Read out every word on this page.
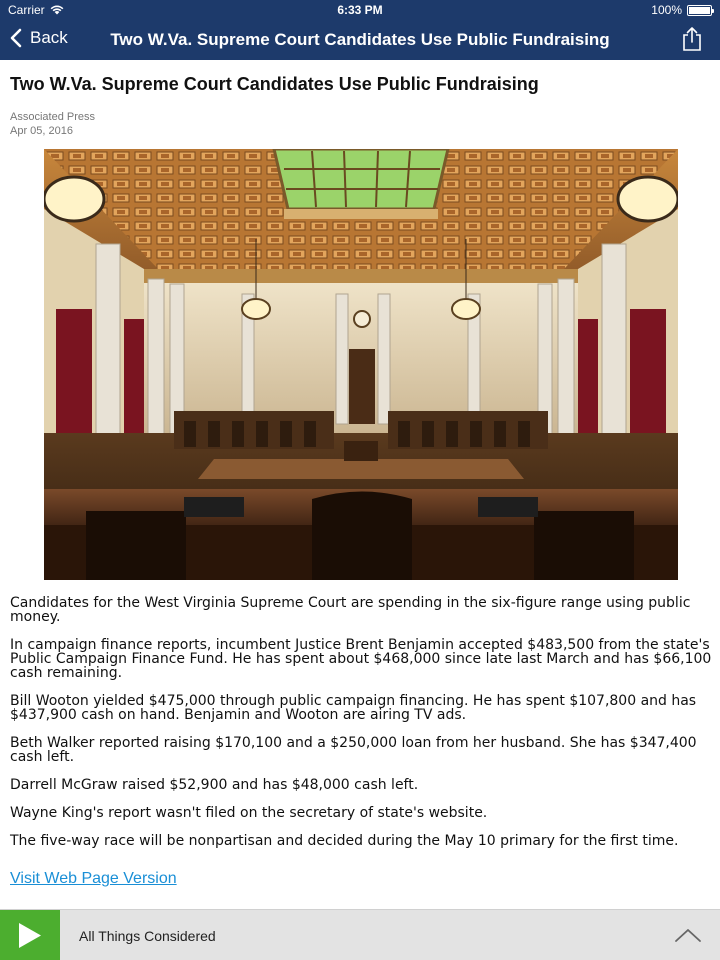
Carrier	6:33 PM	100%
Back	Two W.Va. Supreme Court Candidates Use Public Fundraising
Two W.Va. Supreme Court Candidates Use Public Fundraising
Associated Press
Apr 05, 2016

Candidates for the West Virginia Supreme Court are spending in the six-figure range using public money.

In campaign finance reports, incumbent Justice Brent Benjamin accepted $483,500 from the state's Public Campaign Finance Fund. He has spent about $468,000 since late last March and has $66,100 cash remaining.

Bill Wooton yielded $475,000 through public campaign financing. He has spent $107,800 and has $437,900 cash on hand. Benjamin and Wooton are airing TV ads.

Beth Walker reported raising $170,100 and a $250,000 loan from her husband. She has $347,400 cash left.

Darrell McGraw raised $52,900 and has $48,000 cash left.

Wayne King's report wasn't filed on the secretary of state's website.

The five-way race will be nonpartisan and decided during the May 10 primary for the first time.

Visit Web Page Version
All Things Considered
